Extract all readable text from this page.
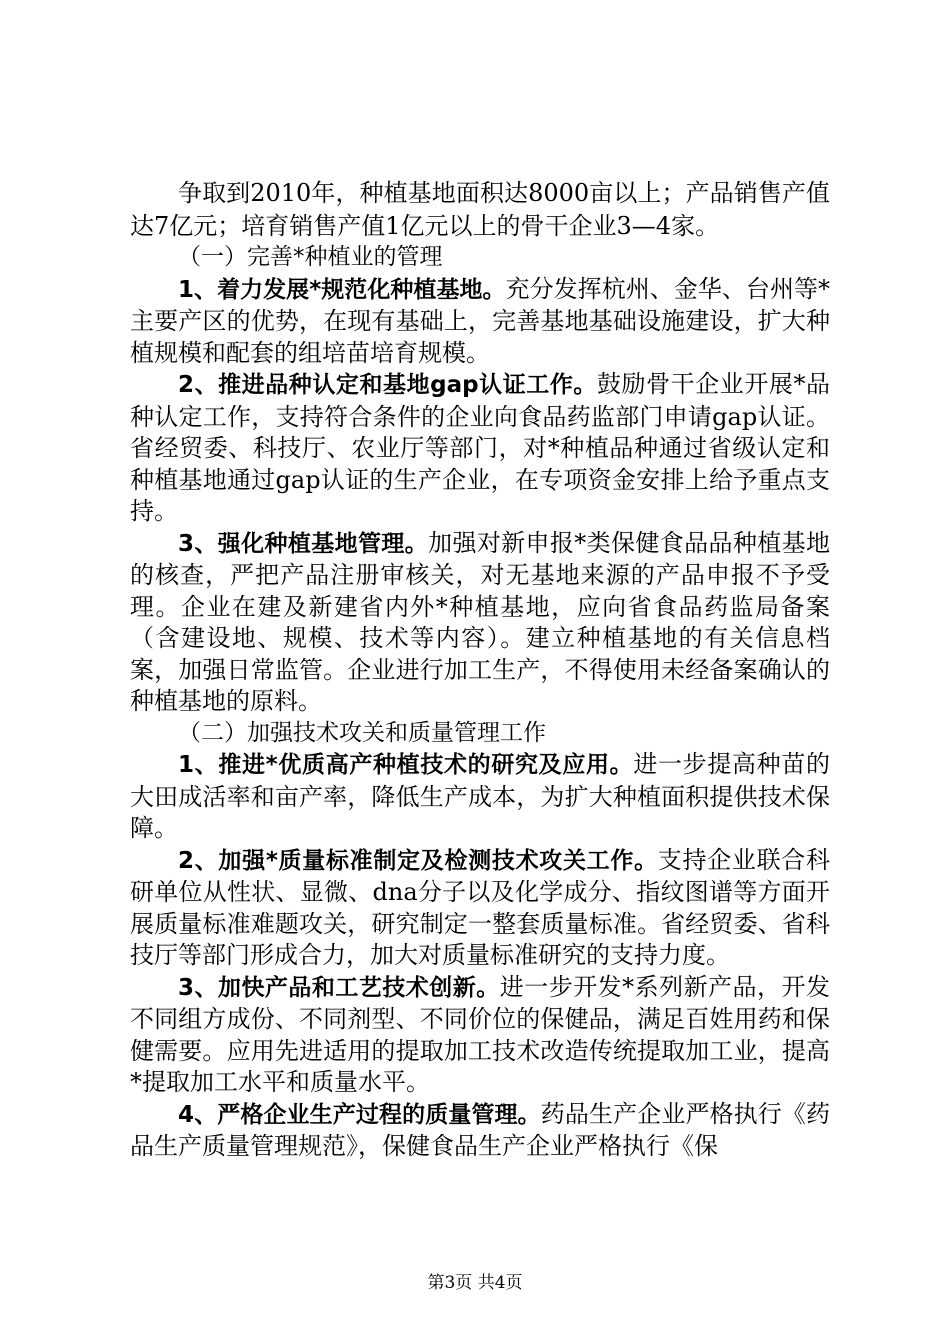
争取到2010年，种植基地面积达8000亩以上；产品销售产值达7亿元；培育销售产值1亿元以上的骨干企业3—4家。

（一）完善*种植业的管理

1、着力发展*规范化种植基地。充分发挥杭州、金华、台州等*主要产区的优势，在现有基础上，完善基地基础设施建设，扩大种植规模和配套的组培苗培育规模。

2、推进品种认定和基地gap认证工作。鼓励骨干企业开展*品种认定工作，支持符合条件的企业向食品药监部门申请gap认证。省经贸委、科技厅、农业厅等部门，对*种植品种通过省级认定和种植基地通过gap认证的生产企业，在专项资金安排上给予重点支持。

3、强化种植基地管理。加强对新申报*类保健食品品种植基地的核查，严把产品注册审核关，对无基地来源的产品申报不予受理。企业在建及新建省内外*种植基地，应向省食品药监局备案（含建设地、规模、技术等内容）。建立种植基地的有关信息档案，加强日常监管。企业进行加工生产，不得使用未经备案确认的种植基地的原料。

（二）加强技术攻关和质量管理工作

1、推进*优质高产种植技术的研究及应用。进一步提高种苗的大田成活率和亩产率，降低生产成本，为扩大种植面积提供技术保障。

2、加强*质量标准制定及检测技术攻关工作。支持企业联合科研单位从性状、显微、dna分子以及化学成分、指纹图谱等方面开展质量标准难题攻关，研究制定一整套质量标准。省经贸委、省科技厅等部门形成合力，加大对质量标准研究的支持力度。

3、加快产品和工艺技术创新。进一步开发*系列新产品，开发不同组方成份、不同剂型、不同价位的保健品，满足百姓用药和保健需要。应用先进适用的提取加工技术改造传统提取加工业，提高*提取加工水平和质量水平。

4、严格企业生产过程的质量管理。药品生产企业严格执行《药品生产质量管理规范》，保健食品生产企业严格执行《保

第3页 共4页
